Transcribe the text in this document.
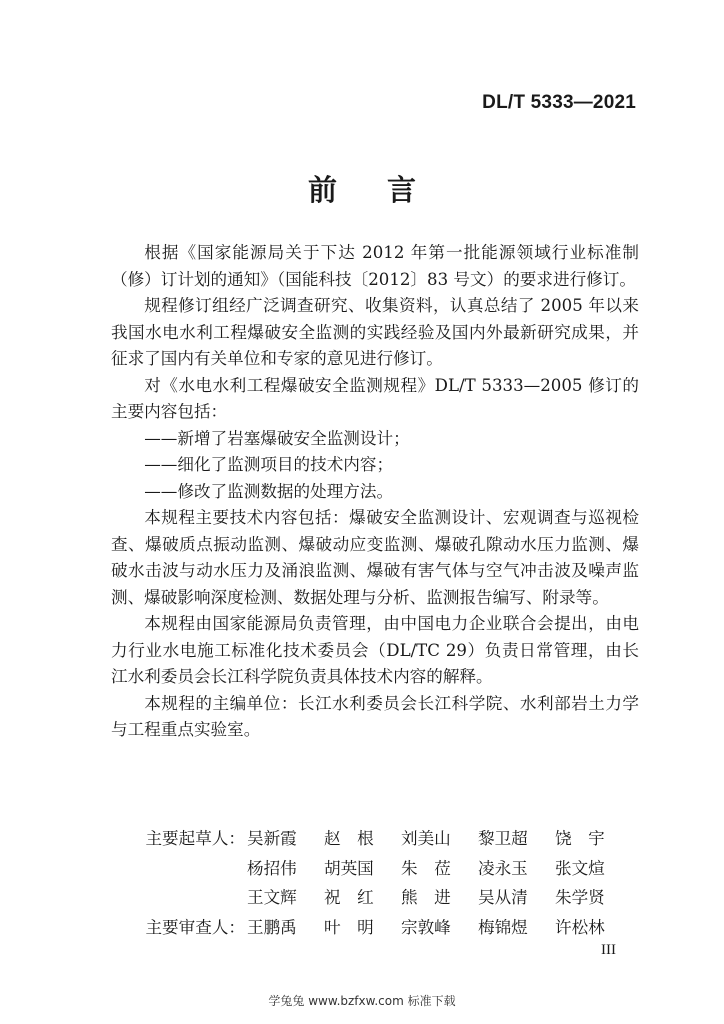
DL/T 5333—2021
前 言

根据《国家能源局关于下达 2012 年第一批能源领域行业标准制（修）订计划的通知》（国能科技〔2012〕83 号文）的要求进行修订。

规程修订组经广泛调查研究、收集资料，认真总结了 2005 年以来我国水电水利工程爆破安全监测的实践经验及国内外最新研究成果，并征求了国内有关单位和专家的意见进行修订。

对《水电水利工程爆破安全监测规程》DL/T 5333—2005 修订的主要内容包括：

——新增了岩塞爆破安全监测设计；

——细化了监测项目的技术内容；

——修改了监测数据的处理方法。

本规程主要技术内容包括：爆破安全监测设计、宏观调查与巡视检查、爆破质点振动监测、爆破动应变监测、爆破孔隙动水压力监测、爆破水击波与动水压力及涌浪监测、爆破有害气体与空气冲击波及噪声监测、爆破影响深度检测、数据处理与分析、监测报告编写、附录等。

本规程由国家能源局负责管理，由中国电力企业联合会提出，由电力行业水电施工标准化技术委员会（DL/TC 29）负责日常管理，由长江水利委员会长江科学院负责具体技术内容的解释。

本规程的主编单位：长江水利委员会长江科学院、水利部岩土力学与工程重点实验室。

主要起草人： 吴新霞	赵　根	刘美山	黎卫超	饶　宇
杨招伟	胡英国	朱　莅	凌永玉	张文煊
王文辉	祝　红	熊　进	吴从清	朱学贤
主要审查人： 王鹏禹	叶　明	宗敦峰	梅锦煜	许松林
III
学兔兔 www.bzfxw.com 标准下载
